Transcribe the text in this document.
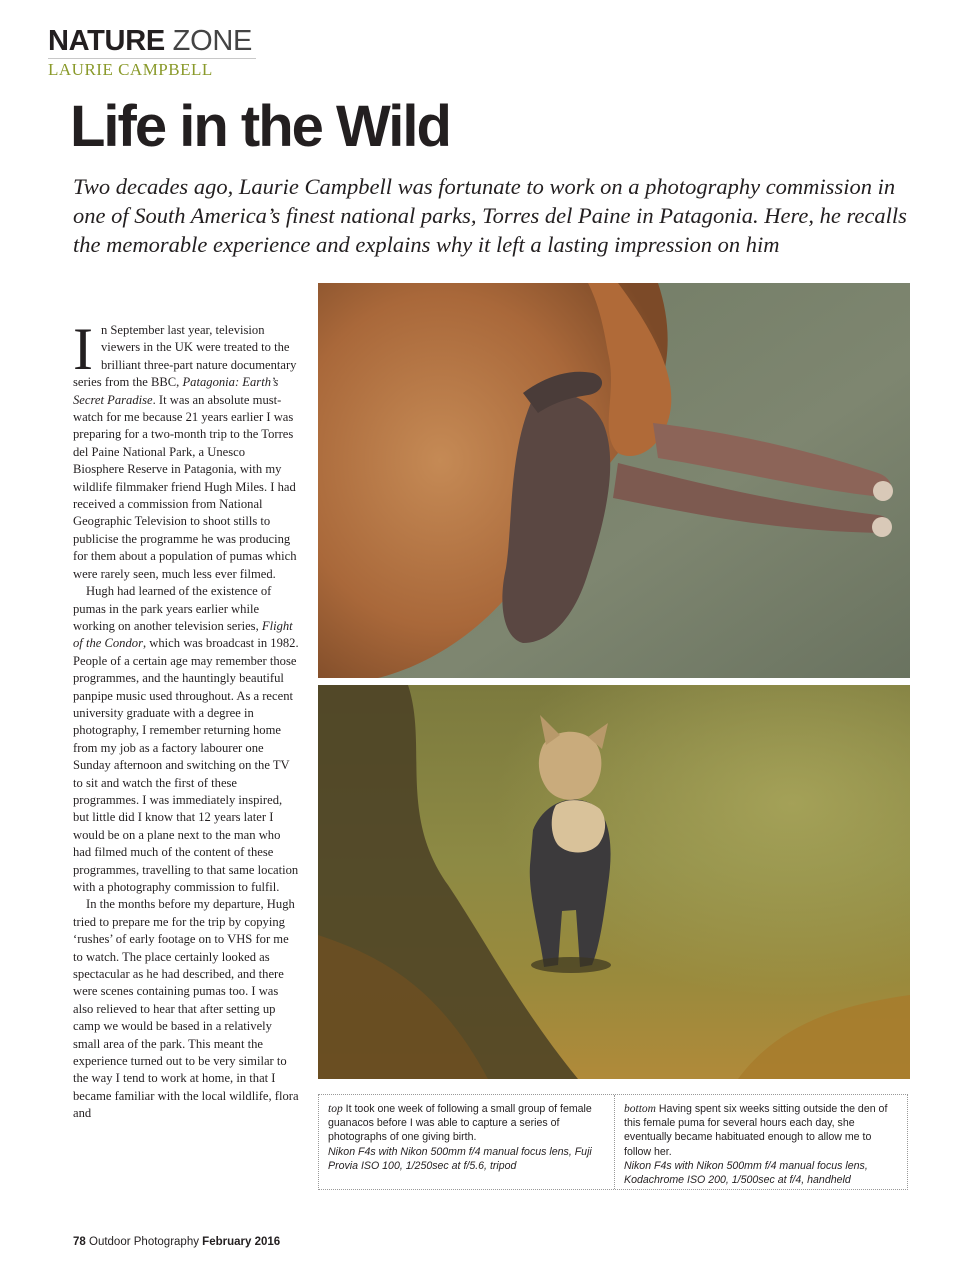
NATURE ZONE
LAURIE CAMPBELL
Life in the Wild

Two decades ago, Laurie Campbell was fortunate to work on a photography commission in one of South America’s finest national parks, Torres del Paine in Patagonia. Here, he recalls the memorable experience and explains why it left a lasting impression on him

In September last year, television viewers in the UK were treated to the brilliant three-part nature documentary series from the BBC, Patagonia: Earth’s Secret Paradise. It was an absolute must-watch for me because 21 years earlier I was preparing for a two-month trip to the Torres del Paine National Park, a Unesco Biosphere Reserve in Patagonia, with my wildlife filmmaker friend Hugh Miles. I had received a commission from National Geographic Television to shoot stills to publicise the programme he was producing for them about a population of pumas which were rarely seen, much less ever filmed.

Hugh had learned of the existence of pumas in the park years earlier while working on another television series, Flight of the Condor, which was broadcast in 1982. People of a certain age may remember those programmes, and the hauntingly beautiful panpipe music used throughout. As a recent university graduate with a degree in photography, I remember returning home from my job as a factory labourer one Sunday afternoon and switching on the TV to sit and watch the first of these programmes. I was immediately inspired, but little did I know that 12 years later I would be on a plane next to the man who had filmed much of the content of these programmes, travelling to that same location with a photography commission to fulfil.

In the months before my departure, Hugh tried to prepare me for the trip by copying ‘rushes’ of early footage on to VHS for me to watch. The place certainly looked as spectacular as he had described, and there were scenes containing pumas too. I was also relieved to hear that after setting up camp we would be based in a relatively small area of the park. This meant the experience turned out to be very similar to the way I tend to work at home, in that I became familiar with the local wildlife, flora and	top It took one week of following a small group of female guanacos before I was able to capture a series of photographs of one giving birth.
Nikon F4s with Nikon 500mm f/4 manual focus lens, Fuji Provia ISO 100, 1/250sec at f/5.6, tripod
bottom Having spent six weeks sitting outside the den of this female puma for several hours each day, she eventually became habituated enough to allow me to follow her.
Nikon F4s with Nikon 500mm f/4 manual focus lens, Kodachrome ISO 200, 1/500sec at f/4, handheld
78 Outdoor Photography February 2016
